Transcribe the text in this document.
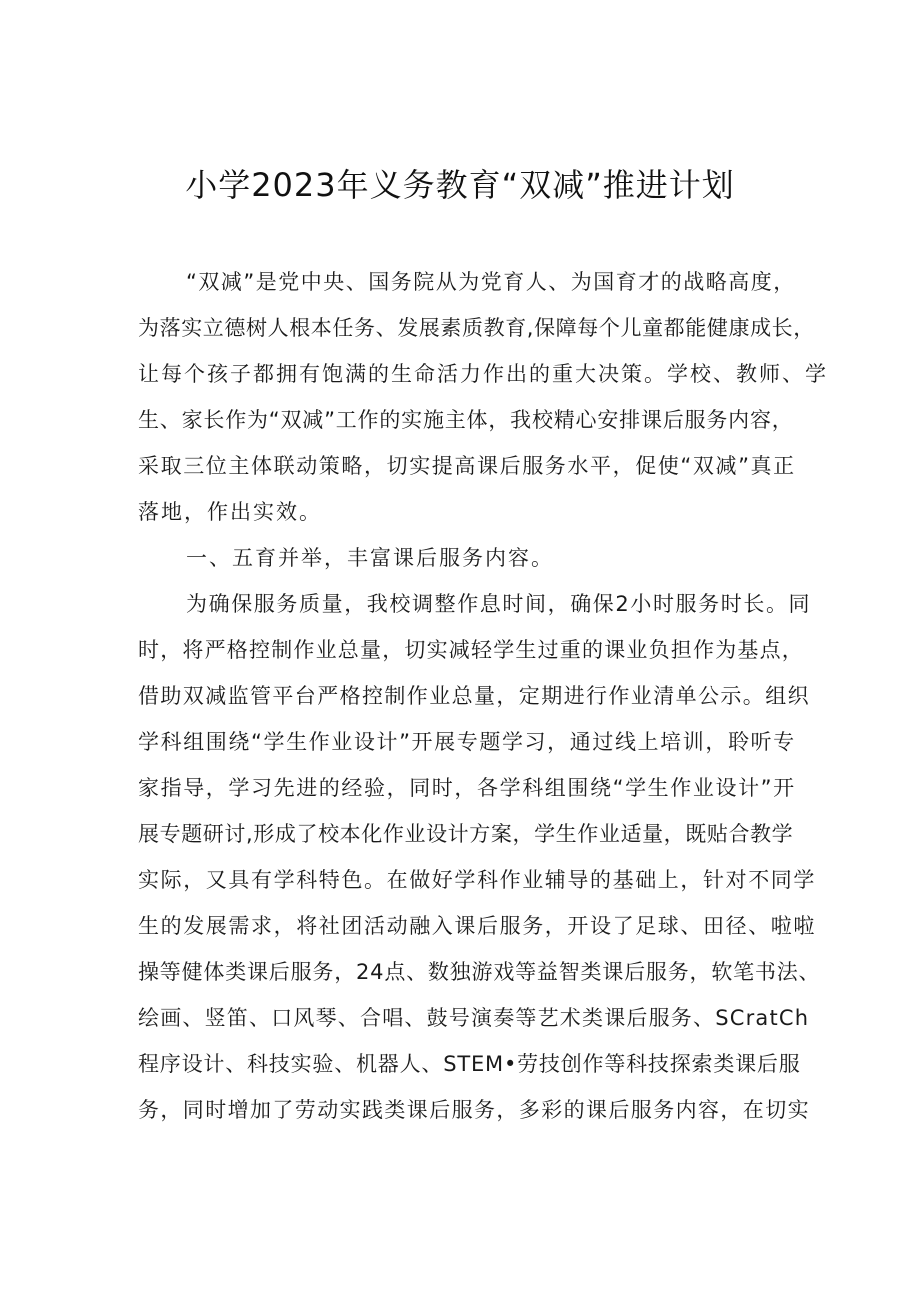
小学2023年义务教育“双减”推进计划
“双减”是党中央、国务院从为党育人、为国育才的战略高度，
为落实立德树人根本任务、发展素质教育,保障每个儿童都能健康成长，
让每个孩子都拥有饱满的生命活力作出的重大决策。学校、教师、学
生、家长作为“双减”工作的实施主体，我校精心安排课后服务内容，
采取三位主体联动策略，切实提高课后服务水平，促使“双减”真正
落地，作出实效。
一、五育并举，丰富课后服务内容。
为确保服务质量，我校调整作息时间，确保2小时服务时长。同
时，将严格控制作业总量，切实减轻学生过重的课业负担作为基点，
借助双减监管平台严格控制作业总量，定期进行作业清单公示。组织
学科组围绕“学生作业设计”开展专题学习，通过线上培训，聆听专
家指导，学习先进的经验，同时，各学科组围绕“学生作业设计”开
展专题研讨,形成了校本化作业设计方案，学生作业适量，既贴合教学
实际，又具有学科特色。在做好学科作业辅导的基础上，针对不同学
生的发展需求，将社团活动融入课后服务，开设了足球、田径、啦啦
操等健体类课后服务，24点、数独游戏等益智类课后服务，软笔书法、
绘画、竖笛、口风琴、合唱、鼓号演奏等艺术类课后服务、SCratCh
程序设计、科技实验、机器人、STEM•劳技创作等科技探索类课后服
务，同时增加了劳动实践类课后服务，多彩的课后服务内容，在切实
